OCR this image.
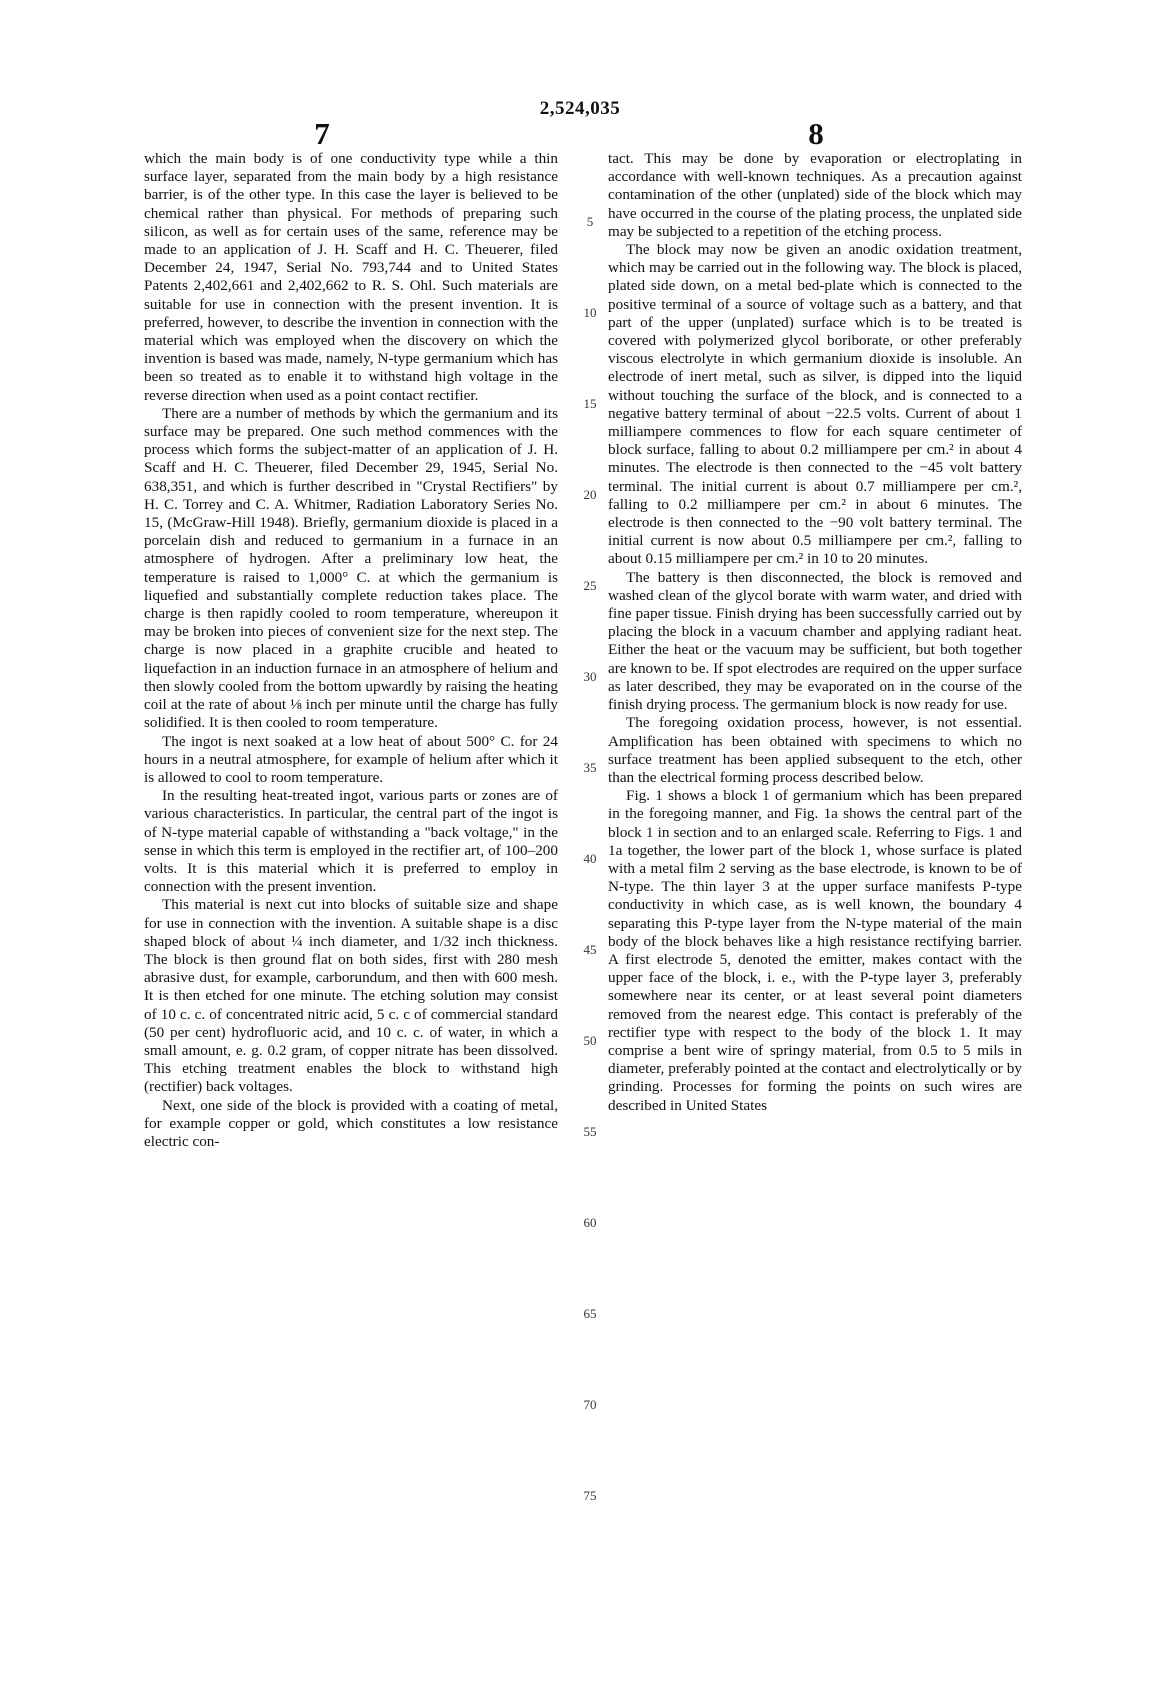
2,524,035
7	8

which the main body is of one conductivity type while a thin surface layer, separated from the main body by a high resistance barrier, is of the other type. In this case the layer is believed to be chemical rather than physical. For methods of preparing such silicon, as well as for certain uses of the same, reference may be made to an application of J. H. Scaff and H. C. Theuerer, filed December 24, 1947, Serial No. 793,744 and to United States Patents 2,402,661 and 2,402,662 to R. S. Ohl. Such materials are suitable for use in connection with the present invention. It is preferred, however, to describe the invention in connection with the material which was employed when the discovery on which the invention is based was made, namely, N-type germanium which has been so treated as to enable it to withstand high voltage in the reverse direction when used as a point contact rectifier.

There are a number of methods by which the germanium and its surface may be prepared. One such method commences with the process which forms the subject-matter of an application of J. H. Scaff and H. C. Theuerer, filed December 29, 1945, Serial No. 638,351, and which is further described in "Crystal Rectifiers" by H. C. Torrey and C. A. Whitmer, Radiation Laboratory Series No. 15, (McGraw-Hill 1948). Briefly, germanium dioxide is placed in a porcelain dish and reduced to germanium in a furnace in an atmosphere of hydrogen. After a preliminary low heat, the temperature is raised to 1,000° C. at which the germanium is liquefied and substantially complete reduction takes place. The charge is then rapidly cooled to room temperature, whereupon it may be broken into pieces of convenient size for the next step. The charge is now placed in a graphite crucible and heated to liquefaction in an induction furnace in an atmosphere of helium and then slowly cooled from the bottom upwardly by raising the heating coil at the rate of about ⅛ inch per minute until the charge has fully solidified. It is then cooled to room temperature.

The ingot is next soaked at a low heat of about 500° C. for 24 hours in a neutral atmosphere, for example of helium after which it is allowed to cool to room temperature.

In the resulting heat-treated ingot, various parts or zones are of various characteristics. In particular, the central part of the ingot is of N-type material capable of withstanding a "back voltage," in the sense in which this term is employed in the rectifier art, of 100–200 volts. It is this material which it is preferred to employ in connection with the present invention.

This material is next cut into blocks of suitable size and shape for use in connection with the invention. A suitable shape is a disc shaped block of about ¼ inch diameter, and 1/32 inch thickness. The block is then ground flat on both sides, first with 280 mesh abrasive dust, for example, carborundum, and then with 600 mesh. It is then etched for one minute. The etching solution may consist of 10 c. c. of concentrated nitric acid, 5 c. c of commercial standard (50 per cent) hydrofluoric acid, and 10 c. c. of water, in which a small amount, e. g. 0.2 gram, of copper nitrate has been dissolved. This etching treatment enables the block to withstand high (rectifier) back voltages.

Next, one side of the block is provided with a coating of metal, for example copper or gold, which constitutes a low resistance electric con-

tact. This may be done by evaporation or electroplating in accordance with well-known techniques. As a precaution against contamination of the other (unplated) side of the block which may have occurred in the course of the plating process, the unplated side may be subjected to a repetition of the etching process.

The block may now be given an anodic oxidation treatment, which may be carried out in the following way. The block is placed, plated side down, on a metal bed-plate which is connected to the positive terminal of a source of voltage such as a battery, and that part of the upper (unplated) surface which is to be treated is covered with polymerized glycol boriborate, or other preferably viscous electrolyte in which germanium dioxide is insoluble. An electrode of inert metal, such as silver, is dipped into the liquid without touching the surface of the block, and is connected to a negative battery terminal of about −22.5 volts. Current of about 1 milliampere commences to flow for each square centimeter of block surface, falling to about 0.2 milliampere per cm.² in about 4 minutes. The electrode is then connected to the −45 volt battery terminal. The initial current is about 0.7 milliampere per cm.², falling to 0.2 milliampere per cm.² in about 6 minutes. The electrode is then connected to the −90 volt battery terminal. The initial current is now about 0.5 milliampere per cm.², falling to about 0.15 milliampere per cm.² in 10 to 20 minutes.

The battery is then disconnected, the block is removed and washed clean of the glycol borate with warm water, and dried with fine paper tissue. Finish drying has been successfully carried out by placing the block in a vacuum chamber and applying radiant heat. Either the heat or the vacuum may be sufficient, but both together are known to be. If spot electrodes are required on the upper surface as later described, they may be evaporated on in the course of the finish drying process. The germanium block is now ready for use.

The foregoing oxidation process, however, is not essential. Amplification has been obtained with specimens to which no surface treatment has been applied subsequent to the etch, other than the electrical forming process described below.

Fig. 1 shows a block 1 of germanium which has been prepared in the foregoing manner, and Fig. 1a shows the central part of the block 1 in section and to an enlarged scale. Referring to Figs. 1 and 1a together, the lower part of the block 1, whose surface is plated with a metal film 2 serving as the base electrode, is known to be of N-type. The thin layer 3 at the upper surface manifests P-type conductivity in which case, as is well known, the boundary 4 separating this P-type layer from the N-type material of the main body of the block behaves like a high resistance rectifying barrier. A first electrode 5, denoted the emitter, makes contact with the upper face of the block, i. e., with the P-type layer 3, preferably somewhere near its center, or at least several point diameters removed from the nearest edge. This contact is preferably of the rectifier type with respect to the body of the block 1. It may comprise a bent wire of springy material, from 0.5 to 5 mils in diameter, preferably pointed at the contact and electrolytically or by grinding. Processes for forming the points on such wires are described in United States

5
10
15
20
25
30
35
40
45
50
55
60
65
70
75
